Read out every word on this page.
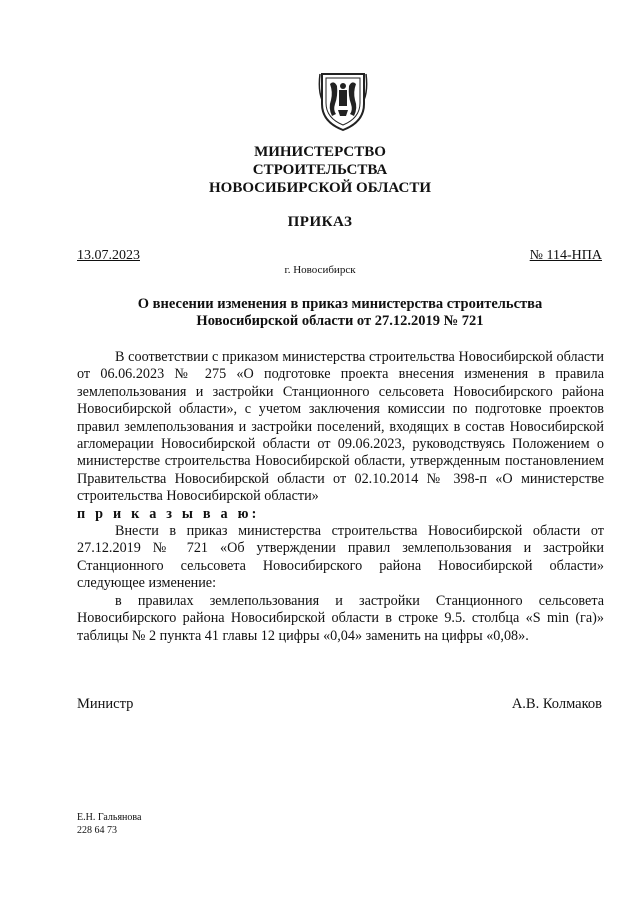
МИНИСТЕРСТВО
СТРОИТЕЛЬСТВА
НОВОСИБИРСКОЙ ОБЛАСТИ
ПРИКАЗ
13.07.2023	№ 114-НПА
г. Новосибирск
О внесении изменения в приказ министерства строительства
Новосибирской области от 27.12.2019 № 721

В соответствии с приказом министерства строительства Новосибирской области от 06.06.2023 № 275 «О подготовке проекта внесения изменения в правила землепользования и застройки Станционного сельсовета Новосибирского района Новосибирской области», с учетом заключения комиссии по подготовке проектов правил землепользования и застройки поселений, входящих в состав Новосибирской агломерации Новосибирской области от 09.06.2023, руководствуясь Положением о министерстве строительства Новосибирской области, утвержденным постановлением Правительства Новосибирской области от 02.10.2014 № 398-п «О министерстве строительства Новосибирской области»

п р и к а з ы в а ю:

Внести в приказ министерства строительства Новосибирской области от 27.12.2019 № 721 «Об утверждении правил землепользования и застройки Станционного сельсовета Новосибирского района Новосибирской области» следующее изменение:

в правилах землепользования и застройки Станционного сельсовета Новосибирского района Новосибирской области в строке 9.5. столбца «S min (га)» таблицы № 2 пункта 41 главы 12 цифры «0,04» заменить на цифры «0,08».

Министр	А.В. Колмаков
Е.Н. Гальянова
228 64 73
